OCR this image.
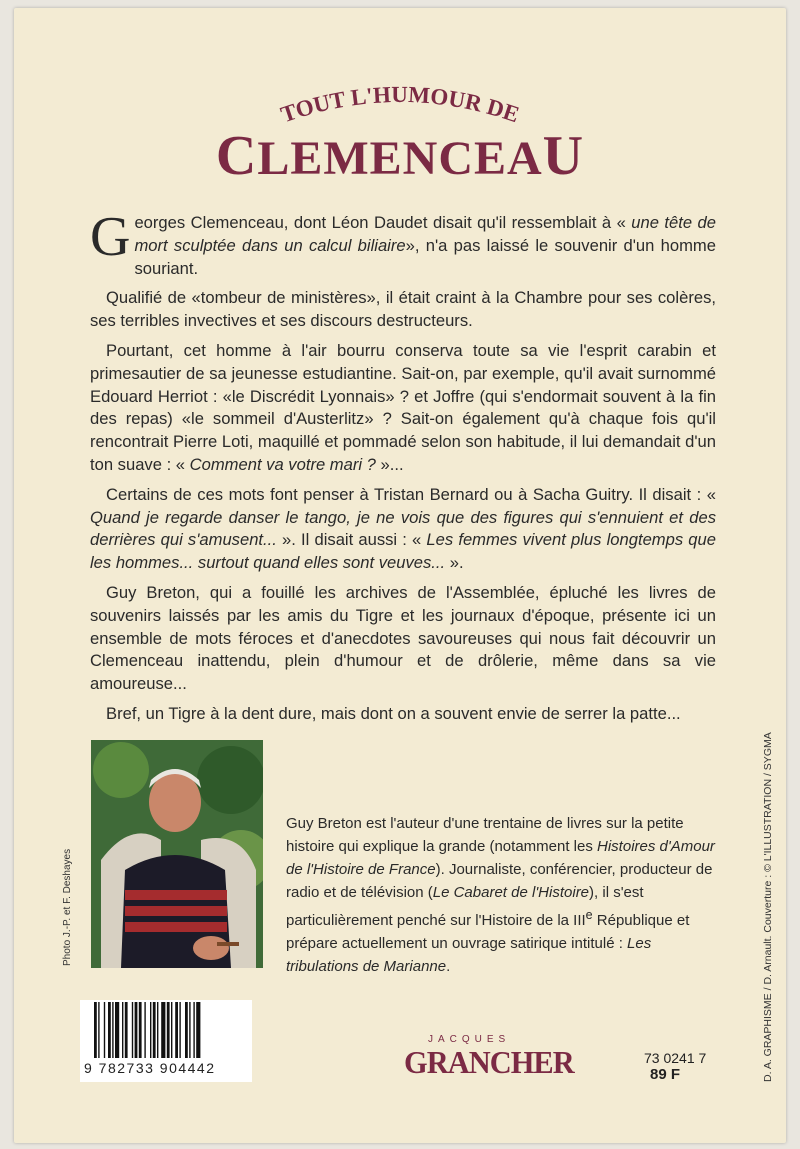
TOUT L'HUMOUR DE
CLEMENCEAU

Georges Clemenceau, dont Léon Daudet disait qu'il ressemblait à « une tête de mort sculptée dans un calcul biliaire», n'a pas laissé le souvenir d'un homme souriant.

Qualifié de «tombeur de ministères», il était craint à la Chambre pour ses colères, ses terribles invectives et ses discours destructeurs.

Pourtant, cet homme à l'air bourru conserva toute sa vie l'esprit carabin et primesautier de sa jeunesse estudiantine. Sait-on, par exemple, qu'il avait surnommé Edouard Herriot : «le Discrédit Lyonnais» ? et Joffre (qui s'endormait souvent à la fin des repas) «le sommeil d'Austerlitz» ? Sait-on également qu'à chaque fois qu'il rencontrait Pierre Loti, maquillé et pommadé selon son habitude, il lui demandait d'un ton suave : « Comment va votre mari ? »...

Certains de ces mots font penser à Tristan Bernard ou à Sacha Guitry. Il disait : « Quand je regarde danser le tango, je ne vois que des figures qui s'ennuient et des derrières qui s'amusent... ». Il disait aussi : « Les femmes vivent plus longtemps que les hommes... surtout quand elles sont veuves... ».

Guy Breton, qui a fouillé les archives de l'Assemblée, épluché les livres de souvenirs laissés par les amis du Tigre et les journaux d'époque, présente ici un ensemble de mots féroces et d'anecdotes savoureuses qui nous fait découvrir un Clemenceau inattendu, plein d'humour et de drôlerie, même dans sa vie amoureuse...

Bref, un Tigre à la dent dure, mais dont on a souvent envie de serrer la patte...

Photo J.-P. et F. Deshayes
Guy Breton est l'auteur d'une trentaine de livres sur la petite histoire qui explique la grande (notamment les Histoires d'Amour de l'Histoire de France). Journaliste, conférencier, producteur de radio et de télévision (Le Cabaret de l'Histoire), il s'est particulièrement penché sur l'Histoire de la IIIe République et prépare actuellement un ouvrage satirique intitulé : Les tribulations de Marianne.	D. A. GRAPHISME / D. Arnault. Couverture : © L'ILLUSTRATION / SYGMA
9 782733 904442
JACQUES
GRANCHER	73 0241 7
89 F
